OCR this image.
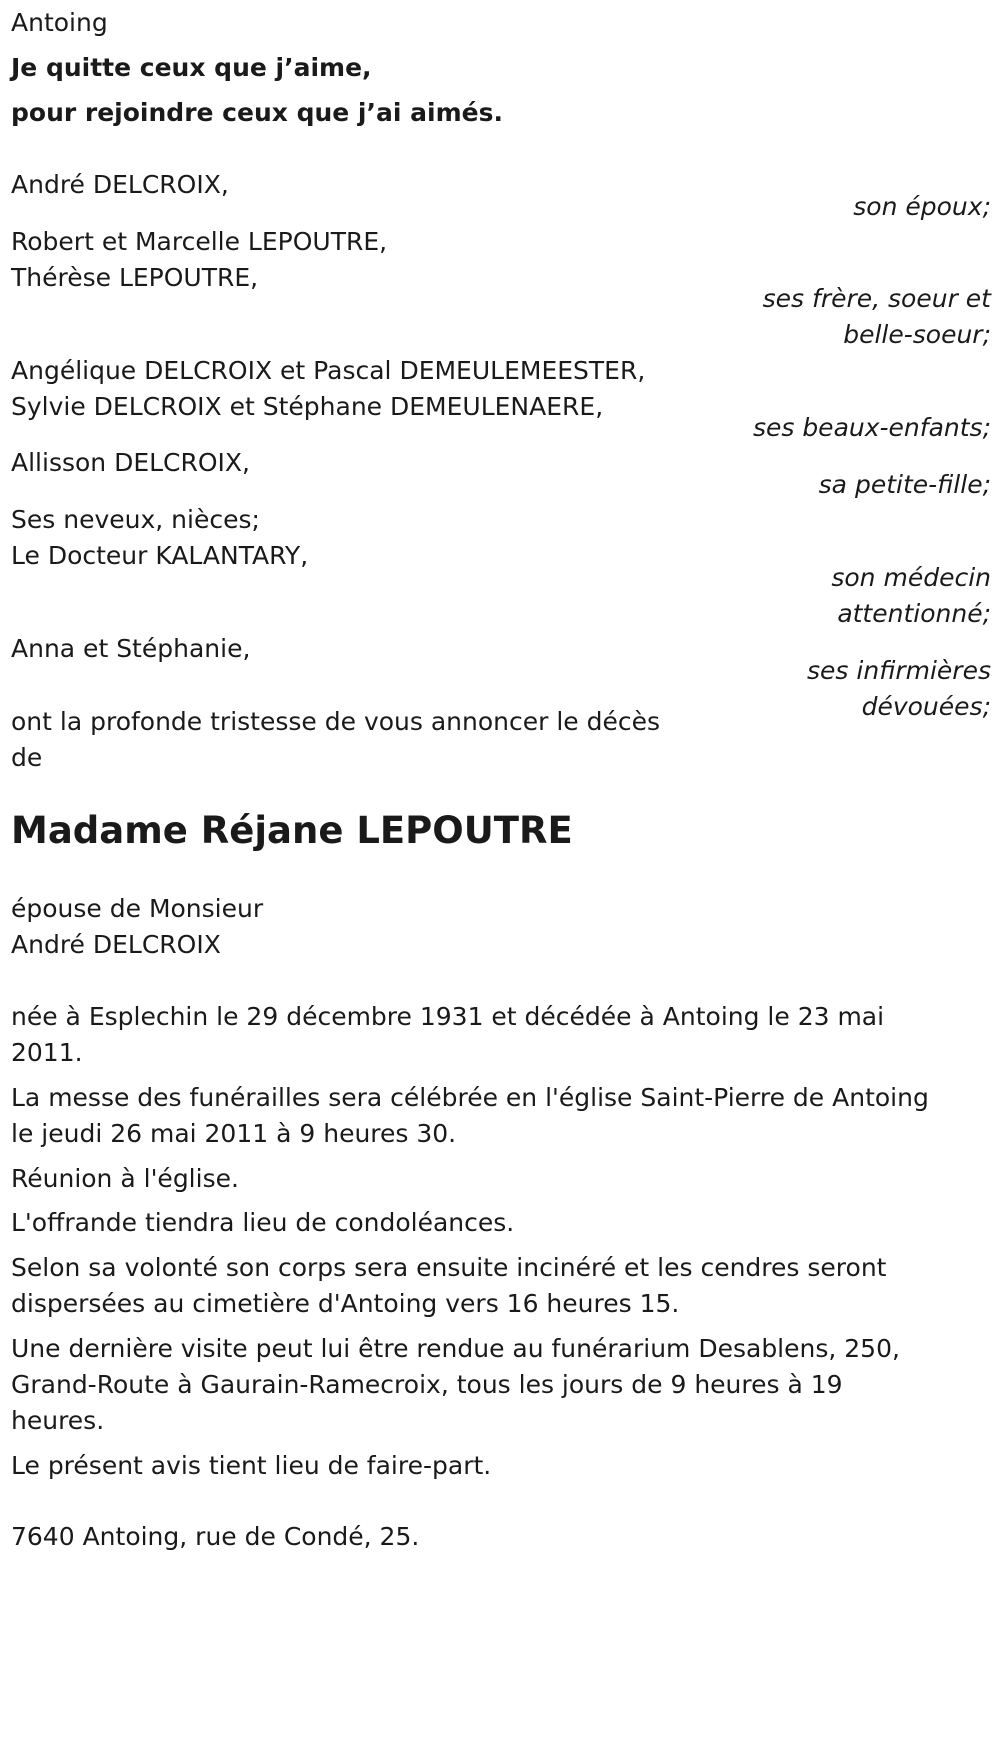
Antoing
Je quitte ceux que j’aime,
pour rejoindre ceux que j’ai aimés.
André DELCROIX,
son époux;
Robert et Marcelle LEPOUTRE,
Thérèse LEPOUTRE,
ses frère, soeur et
belle-soeur;
Angélique DELCROIX et Pascal DEMEULEMEESTER,
Sylvie DELCROIX et Stéphane DEMEULENAERE,
ses beaux-enfants;
Allisson DELCROIX,
sa petite-fille;
Ses neveux, nièces;
Le Docteur KALANTARY,
son médecin
attentionné;
Anna et Stéphanie,
ses infirmières
dévouées;
ont la profonde tristesse de vous annoncer le décès
de
Madame Réjane LEPOUTRE
épouse de Monsieur
André DELCROIX
née à Esplechin le 29 décembre 1931 et décédée à Antoing le 23 mai
2011.
La messe des funérailles sera célébrée en l'église Saint-Pierre de Antoing
le jeudi 26 mai 2011 à 9 heures 30.
Réunion à l'église.
L'offrande tiendra lieu de condoléances.
Selon sa volonté son corps sera ensuite incinéré et les cendres seront
dispersées au cimetière d'Antoing vers 16 heures 15.
Une dernière visite peut lui être rendue au funérarium Desablens, 250,
Grand-Route à Gaurain-Ramecroix, tous les jours de 9 heures à 19
heures.
Le présent avis tient lieu de faire-part.
7640 Antoing, rue de Condé, 25.
